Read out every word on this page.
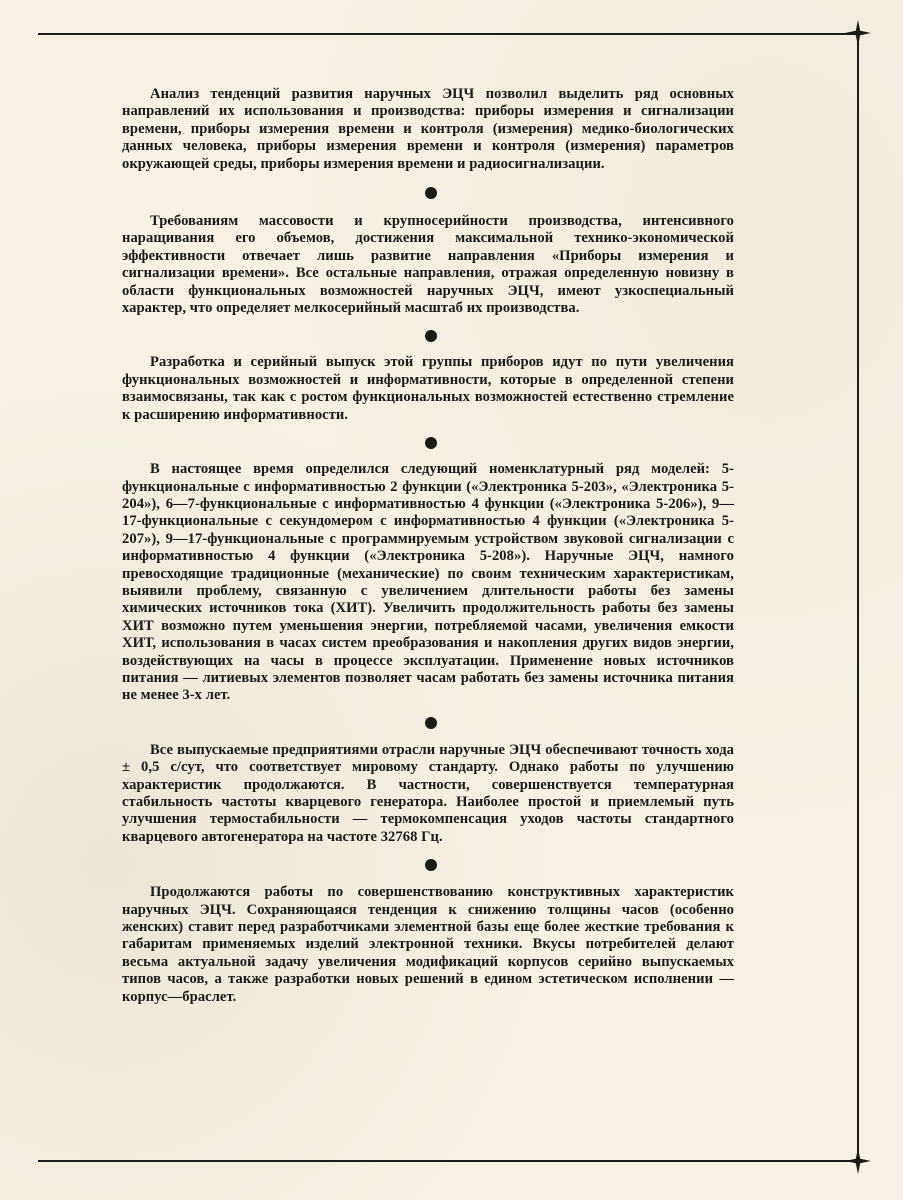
Анализ тенденций развития наручных ЭЦЧ позволил выделить ряд основных направлений их использования и производства: приборы измерения и сигнализации времени, приборы измерения времени и контроля (измерения) медико-биологических данных человека, приборы измерения времени и контроля (измерения) параметров окружающей среды, приборы измерения времени и радиосигнализации.

Требованиям массовости и крупносерийности производства, интенсивного наращивания его объемов, достижения максимальной технико-экономической эффективности отвечает лишь развитие направления «Приборы измерения и сигнализации времени». Все остальные направления, отражая определенную новизну в области функциональных возможностей наручных ЭЦЧ, имеют узкоспециальный характер, что определяет мелкосерийный масштаб их производства.

Разработка и серийный выпуск этой группы приборов идут по пути увеличения функциональных возможностей и информативности, которые в определенной степени взаимосвязаны, так как с ростом функциональных возможностей естественно стремление к расширению информативности.

В настоящее время определился следующий номенклатурный ряд моделей: 5-функциональные с информативностью 2 функции («Электроника 5-203», «Электроника 5-204»), 6—7-функциональные с информативностью 4 функции («Электроника 5-206»), 9—17-функциональные с секундомером с информативностью 4 функции («Электроника 5-207»), 9—17-функциональные с программируемым устройством звуковой сигнализации с информативностью 4 функции («Электроника 5-208»). Наручные ЭЦЧ, намного превосходящие традиционные (механические) по своим техническим характеристикам, выявили проблему, связанную с увеличением длительности работы без замены химических источников тока (ХИТ). Увеличить продолжительность работы без замены ХИТ возможно путем уменьшения энергии, потребляемой часами, увеличения емкости ХИТ, использования в часах систем преобразования и накопления других видов энергии, воздействующих на часы в процессе эксплуатации. Применение новых источников питания — литиевых элементов позволяет часам работать без замены источника питания не менее 3-х лет.

Все выпускаемые предприятиями отрасли наручные ЭЦЧ обеспечивают точность хода ± 0,5 с/сут, что соответствует мировому стандарту. Однако работы по улучшению характеристик продолжаются. В частности, совершенствуется температурная стабильность частоты кварцевого генератора. Наиболее простой и приемлемый путь улучшения термостабильности — термокомпенсация уходов частоты стандартного кварцевого автогенератора на частоте 32768 Гц.

Продолжаются работы по совершенствованию конструктивных характеристик наручных ЭЦЧ. Сохраняющаяся тенденция к снижению толщины часов (особенно женских) ставит перед разработчиками элементной базы еще более жесткие требования к габаритам применяемых изделий электронной техники. Вкусы потребителей делают весьма актуальной задачу увеличения модификаций корпусов серийно выпускаемых типов часов, а также разработки новых решений в едином эстетическом исполнении — корпус—браслет.
